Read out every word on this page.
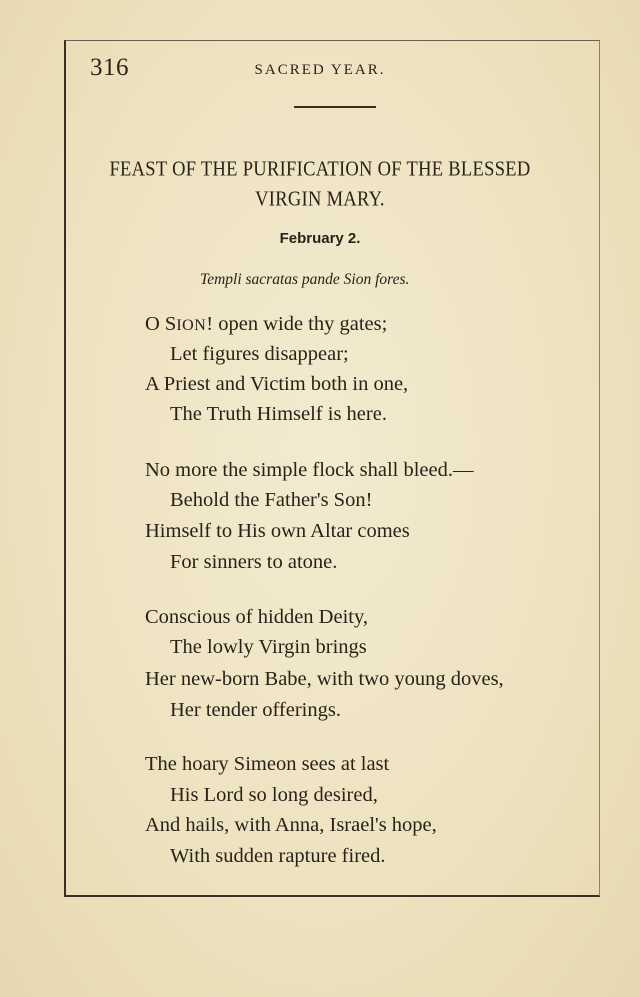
316	SACRED YEAR.
FEAST OF THE PURIFICATION OF THE BLESSED
VIRGIN MARY.
February 2.
Templi sacratas pande Sion fores.
O SION! open wide thy gates;
Let figures disappear;
A Priest and Victim both in one,
The Truth Himself is here.
No more the simple flock shall bleed.—
Behold the Father's Son!
Himself to His own Altar comes
For sinners to atone.
Conscious of hidden Deity,
The lowly Virgin brings
Her new-born Babe, with two young doves,
Her tender offerings.
The hoary Simeon sees at last
His Lord so long desired,
And hails, with Anna, Israel's hope,
With sudden rapture fired.
